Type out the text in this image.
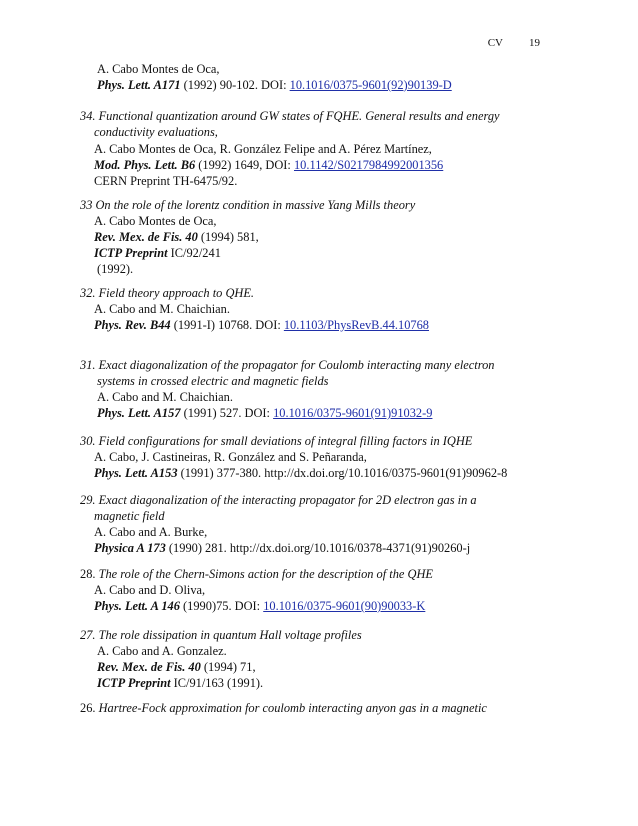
CV 19
A. Cabo Montes de Oca,
Phys. Lett. A171 (1992) 90-102. DOI: 10.1016/0375-9601(92)90139-D
34. Functional quantization around GW states of FQHE. General results and energy
conductivity evaluations,
A. Cabo Montes de Oca, R. González Felipe and A. Pérez Martínez,
Mod. Phys. Lett. B6 (1992) 1649, DOI: 10.1142/S0217984992001356
CERN Preprint TH-6475/92.
33 On the role of the lorentz condition in massive Yang Mills theory
A. Cabo Montes de Oca,
Rev. Mex. de Fis. 40 (1994) 581,
ICTP Preprint IC/92/241
(1992).
32. Field theory approach to QHE.
A. Cabo and M. Chaichian.
Phys. Rev. B44 (1991-I) 10768. DOI: 10.1103/PhysRevB.44.10768
31. Exact diagonalization of the propagator for Coulomb interacting many electron
systems in crossed electric and magnetic fields
A. Cabo and M. Chaichian.
Phys. Lett. A157 (1991) 527. DOI: 10.1016/0375-9601(91)91032-9
30. Field configurations for small deviations of integral filling factors in IQHE
A. Cabo, J. Castineiras, R. González and S. Peñaranda,
Phys. Lett. A153 (1991) 377-380. http://dx.doi.org/10.1016/0375-9601(91)90962-8
29. Exact diagonalization of the interacting propagator for 2D electron gas in a
magnetic field
A. Cabo and A. Burke,
Physica A 173 (1990) 281. http://dx.doi.org/10.1016/0378-4371(91)90260-j
28. The role of the Chern-Simons action for the description of the QHE
A. Cabo and D. Oliva,
Phys. Lett. A 146 (1990)75. DOI: 10.1016/0375-9601(90)90033-K
27. The role dissipation in quantum Hall voltage profiles
A. Cabo and A. Gonzalez.
Rev. Mex. de Fis. 40 (1994) 71,
ICTP Preprint IC/91/163 (1991).
26. Hartree-Fock approximation for coulomb interacting anyon gas in a magnetic
